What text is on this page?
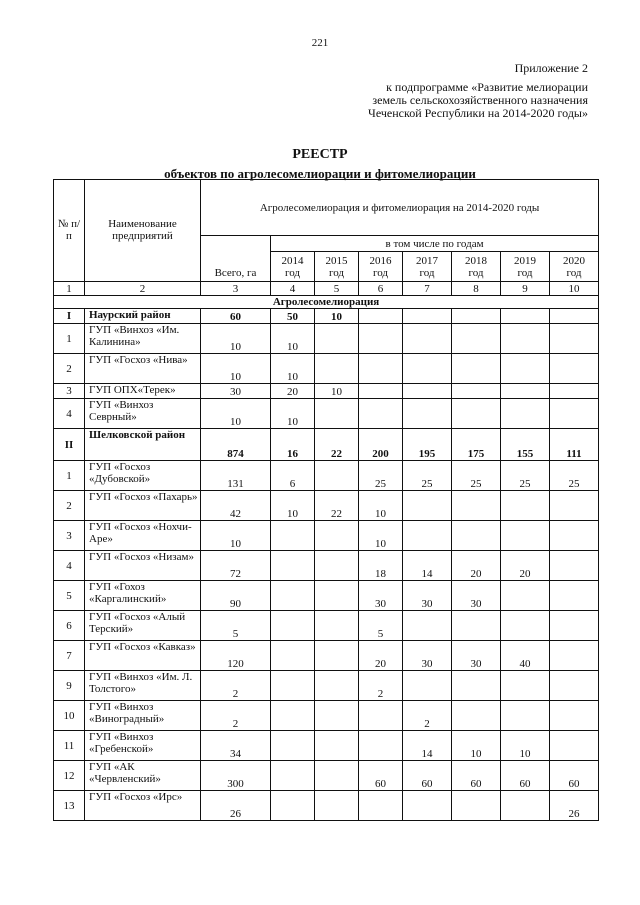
221
Приложение 2
к подпрограмме «Развитие мелиорации
земель сельскохозяйственного назначения
Чеченской Республики на 2014-2020 годы»
РЕЕСТР
объектов по агролесомелиорации и фитомелиорации
№ п/п	Наименование предприятий	Агролесомелиорация и фитомелиорация на 2014-2020 годы							
		Всего, га	в том числе по годам						
			2014 год	2015 год	2016 год	2017 год	2018 год	2019 год	2020 год
1	2	3	4	5	6	7	8	9	10
Агролесомелиорация									
I	Наурский район	60	50	10					
1	ГУП «Винхоз «Им. Калинина»	10	10						
2	ГУП «Госхоз «Нива»	10	10						
3	ГУП ОПХ«Терек»	30	20	10					
4	ГУП «Винхоз Севрный»	10	10						
II	Шелковской район	874	16	22	200	195	175	155	111
1	ГУП «Госхоз «Дубовской»	131	6		25	25	25	25	25
2	ГУП «Госхоз «Пахарь»	42	10	22	10				
3	ГУП «Госхоз «Нохчи-Аре»	10			10				
4	ГУП «Госхоз «Низам»	72			18	14	20	20	
5	ГУП «Гохоз «Каргалинский»	90			30	30	30		
6	ГУП «Госхоз «Алый Терский»	5			5				
7	ГУП «Госхоз «Кавказ»	120			20	30	30	40	
9	ГУП «Винхоз «Им. Л. Толстого»	2			2				
10	ГУП «Винхоз «Виноградный»	2				2			
11	ГУП «Винхоз «Гребенской»	34				14	10	10	
12	ГУП «АК «Червленский»	300			60	60	60	60	60
13	ГУП «Госхоз «Ирс»	26							26
